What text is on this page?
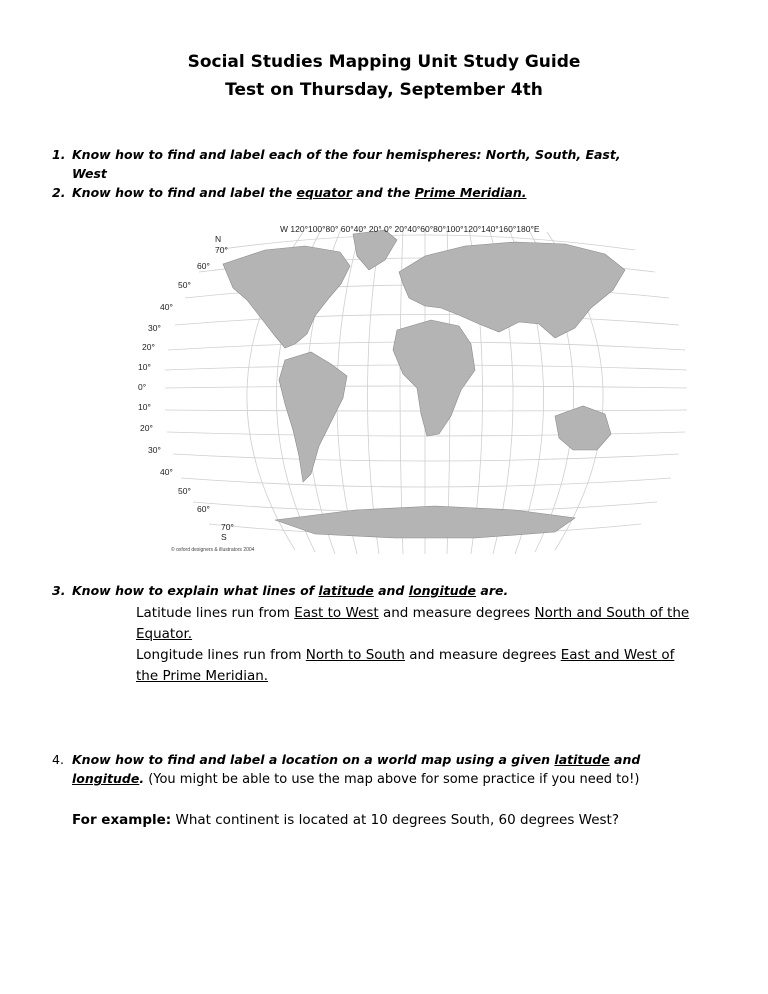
Social Studies Mapping Unit Study Guide
Test on Thursday, September 4th
1. Know how to find and label each of the four hemispheres: North, South, East,
West
2. Know how to find and label the equator and the Prime Meridian.
W 120°100°80° 60°40° 20° 0° 20°40°60°80°100°120°140°160°180°E
N
70°
60°
50°
40°
30°
20°
10°
0°
10°
20°
30°
40°
50°
60°
70°
S
© oxford designers & illustrators 2004
3. Know how to explain what lines of latitude and longitude are.
Latitude lines run from East to West and measure degrees North and South of the
Equator.
Longitude lines run from North to South and measure degrees East and West of
the Prime Meridian.
4. Know how to find and label a location on a world map using a given latitude and
longitude. (You might be able to use the map above for some practice if you need to!)
For example: What continent is located at 10 degrees South, 60 degrees West?
